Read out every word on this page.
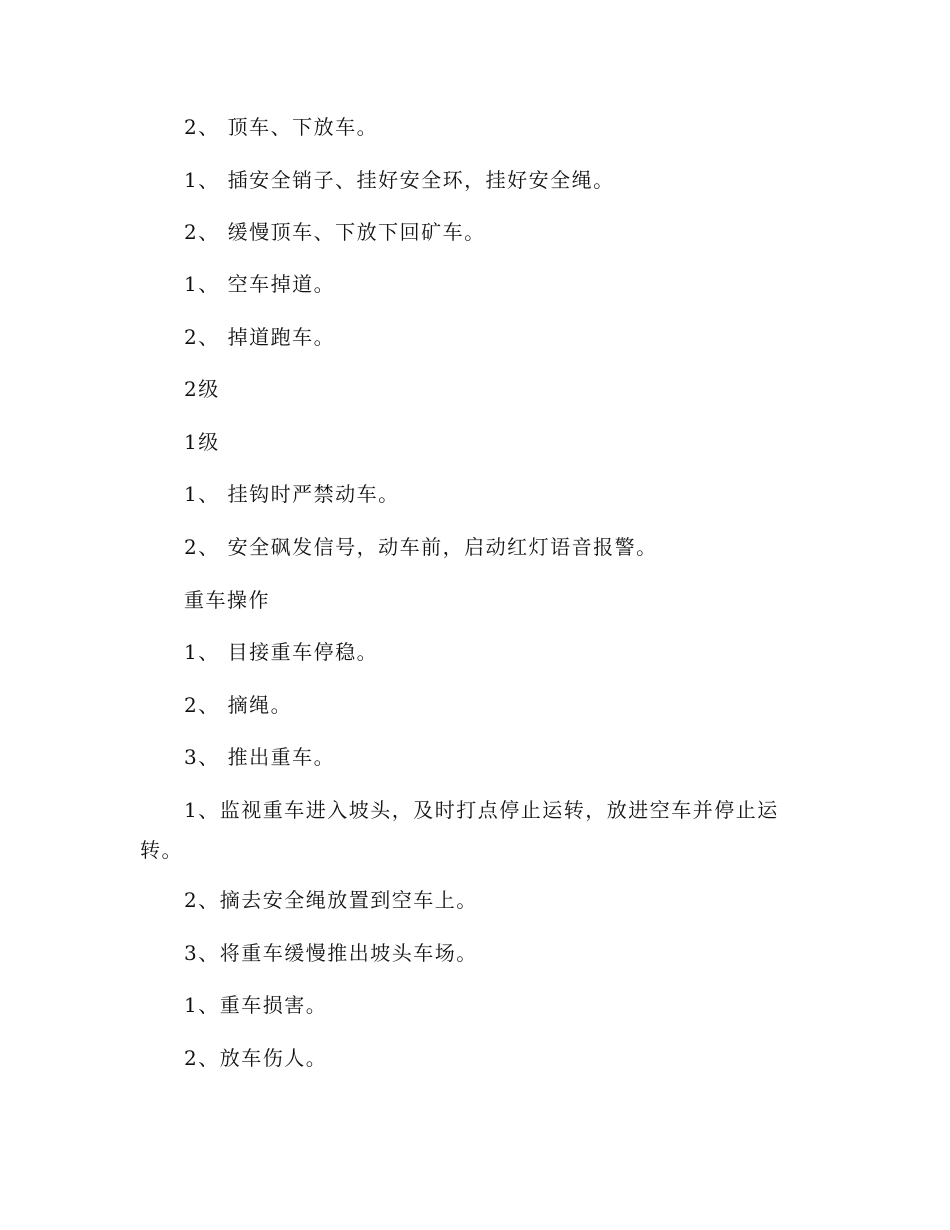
2、 顶车、下放车。

1、 插安全销子、挂好安全环，挂好安全绳。

2、 缓慢顶车、下放下回矿车。

1、 空车掉道。

2、 掉道跑车。

2级

1级

1、 挂钩时严禁动车。

2、 安全砜发信号，动车前，启动红灯语音报警。

重车操作

1、 目接重车停稳。

2、 摘绳。

3、 推出重车。

1、监视重车进入坡头，及时打点停止运转，放进空车并停止运转。

2、摘去安全绳放置到空车上。

3、将重车缓慢推出坡头车场。

1、重车损害。

2、放车伤人。
